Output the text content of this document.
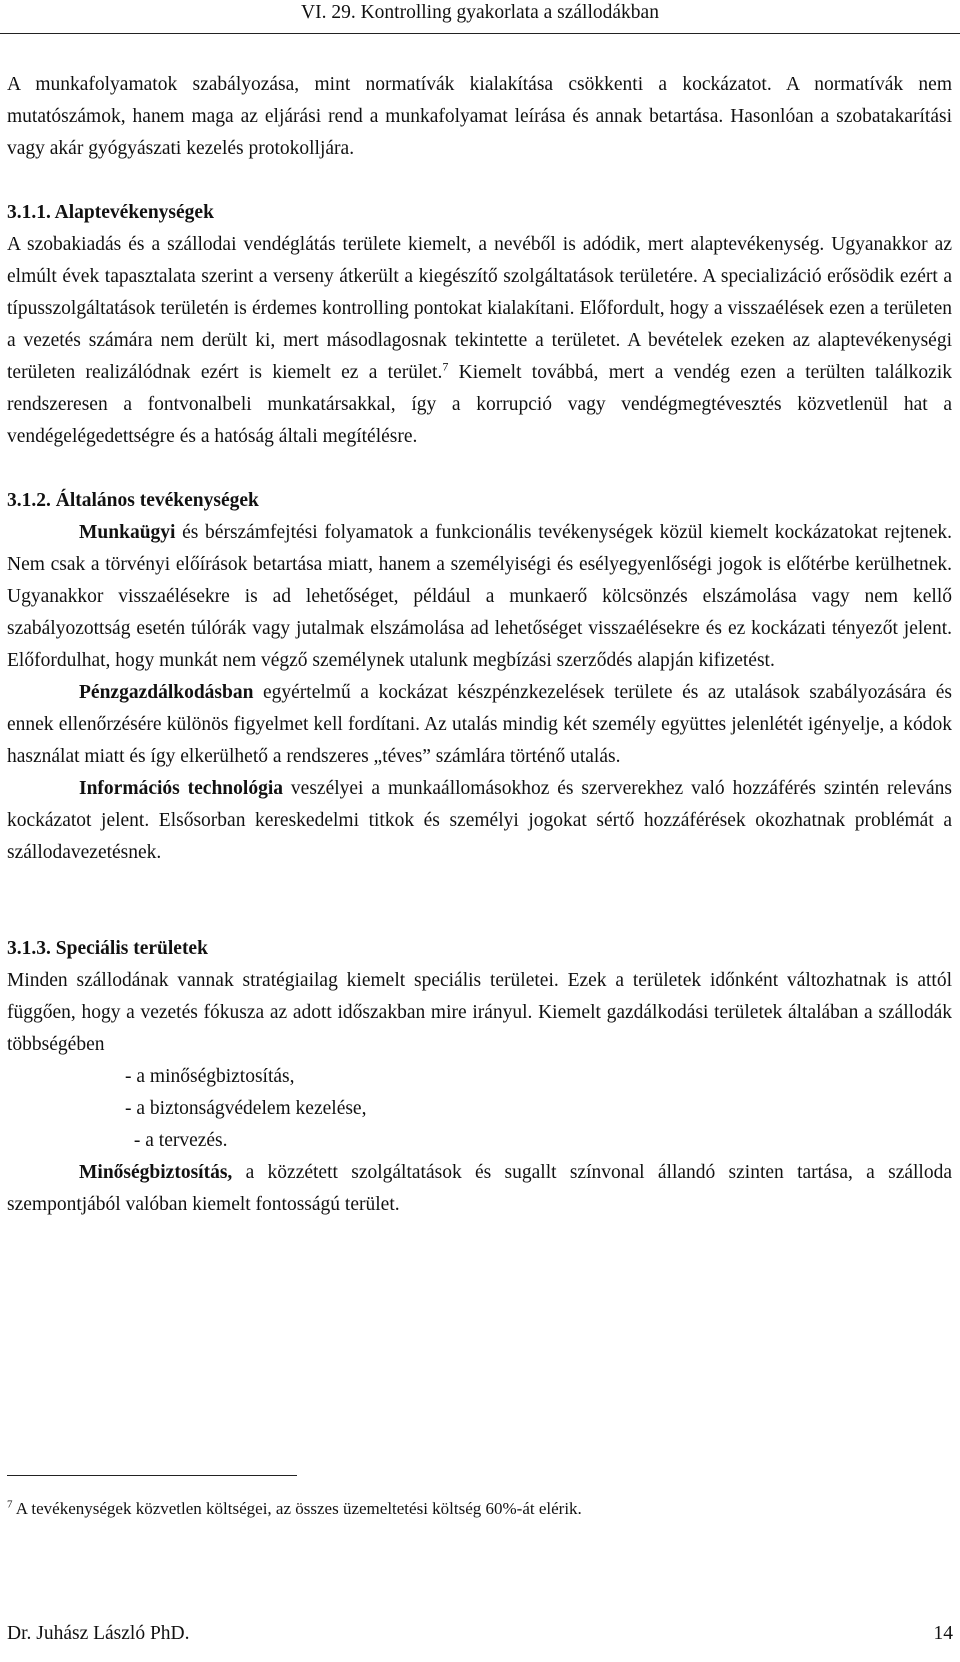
VI. 29. Kontrolling gyakorlata a szállodákban

A munkafolyamatok szabályozása, mint normatívák kialakítása csökkenti a kockázatot. A normatívák nem mutatószámok, hanem maga az eljárási rend a munkafolyamat leírása és annak betartása. Hasonlóan a szobatakarítási vagy akár gyógyászati kezelés protokollјára.

3.1.1. Alaptevékenységek

A szobakiadás és a szállodai vendéglátás területe kiemelt, a nevéből is adódik, mert alaptevékenység. Ugyanakkor az elmúlt évek tapasztalata szerint a verseny átkerült a kiegészítő szolgáltatások területére. A specializáció erősödik ezért a típusszolgáltatások területén is érdemes kontrolling pontokat kialakítani. Előfordult, hogy a visszaélések ezen a területen a vezetés számára nem derült ki, mert másodlagosnak tekintette a területet. A bevételek ezeken az alaptevékenységi területen realizálódnak ezért is kiemelt ez a terület.$^7$ Kiemelt továbbá, mert a vendég ezen a terülten találkozik rendszeresen a fontvonalbeli munkatársakkal, így a korrupció vagy vendégmegtévesztés közvetlenül hat a vendégelégedettségre és a hatóság általi megítélésre.

3.1.2. Általános tevékenységek

Munkaügyi és bérszámfejtési folyamatok a funkcionális tevékenységek közül kiemelt kockázatokat rejtenek. Nem csak a törvényi előírások betartása miatt, hanem a személyiségi és esélyegyenlőségi jogok is előtérbe kerülhetnek. Ugyanakkor visszaélésekre is ad lehetőséget, például a munkaerő kölcsönzés elszámolása vagy nem kellő szabályozottság esetén túlórák vagy jutalmak elszámolása ad lehetőséget visszaélésekre és ez kockázati tényezőt jelent. Előfordulhat, hogy munkát nem végző személynek utalunk megbízási szerződés alapján kifizetést.

Pénzgazdálkodásban egyértelmű a kockázat készpénzkezelések területe és az utalások szabályozására és ennek ellenőrzésére különös figyelmet kell fordítani. Az utalás mindig két személy együttes jelenlétét igényelje, a kódok használat miatt és így elkerülhető a rendszeres „téves” számlára történő utalás.

Információs technológia veszélyei a munkaállomásokhoz és szerverekhez való hozzáférés szintén releváns kockázatot jelent. Elsősorban kereskedelmi titkok és személyi jogokat sértő hozzáférések okozhatnak problémát a szállodavezetésnek.

3.1.3. Speciális területek

Minden szállodának vannak stratégiailag kiemelt speciális területei. Ezek a területek időnként változhatnak is attól függően, hogy a vezetés fókusza az adott időszakban mire irányul. Kiemelt gazdálkodási területek általában a szállodák többségében

- a minőségbiztosítás,

- a biztonságvédelem kezelése,

- a tervezés.

Minőségbiztosítás, a közzétett szolgáltatások és sugallt színvonal állandó szinten tartása, a szálloda szempontjából valóban kiemelt fontosságú terület.

$^7$ A tevékenységek közvetlen költségei, az összes üzemeltetési költség 60%-át elérik.
Dr. Juhász László PhD.	14
